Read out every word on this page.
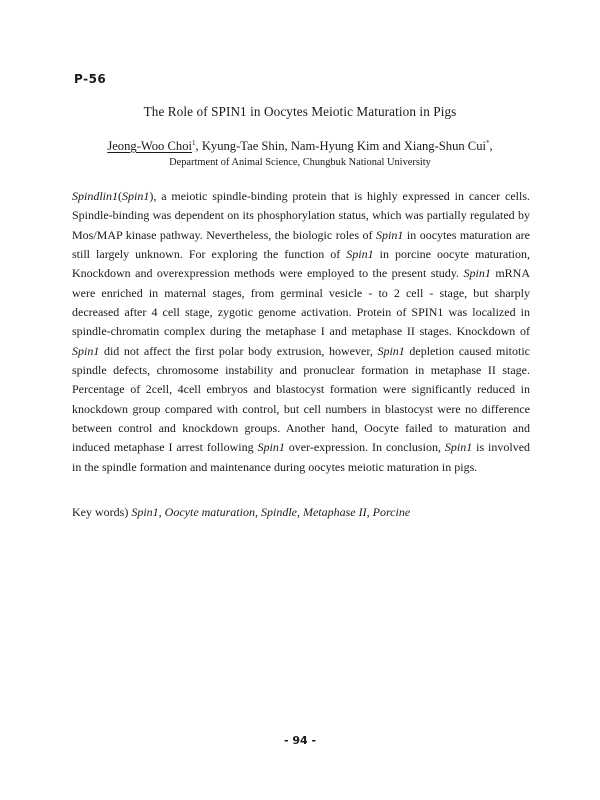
P-56
The Role of SPIN1 in Oocytes Meiotic Maturation in Pigs
Jeong-Woo Choi$^1$, Kyung-Tae Shin, Nam-Hyung Kim and Xiang-Shun Cui*,
Department of Animal Science, Chungbuk National University

Spindlin1(Spin1), a meiotic spindle-binding protein that is highly expressed in cancer cells. Spindle-binding was dependent on its phosphorylation status, which was partially regulated by Mos/MAP kinase pathway. Nevertheless, the biologic roles of Spin1 in oocytes maturation are still largely unknown. For exploring the function of Spin1 in porcine oocyte maturation, Knockdown and overexpression methods were employed to the present study. Spin1 mRNA were enriched in maternal stages, from germinal vesicle - to 2 cell - stage, but sharply decreased after 4 cell stage, zygotic genome activation. Protein of SPIN1 was localized in spindle-chromatin complex during the metaphase I and metaphase II stages. Knockdown of Spin1 did not affect the first polar body extrusion, however, Spin1 depletion caused mitotic spindle defects, chromosome instability and pronuclear formation in metaphase II stage. Percentage of 2cell, 4cell embryos and blastocyst formation were significantly reduced in knockdown group compared with control, but cell numbers in blastocyst were no difference between control and knockdown groups. Another hand, Oocyte failed to maturation and induced metaphase I arrest following Spin1 over-expression. In conclusion, Spin1 is involved in the spindle formation and maintenance during oocytes meiotic maturation in pigs.

Key words) Spin1, Oocyte maturation, Spindle, Metaphase II, Porcine

- 94 -
